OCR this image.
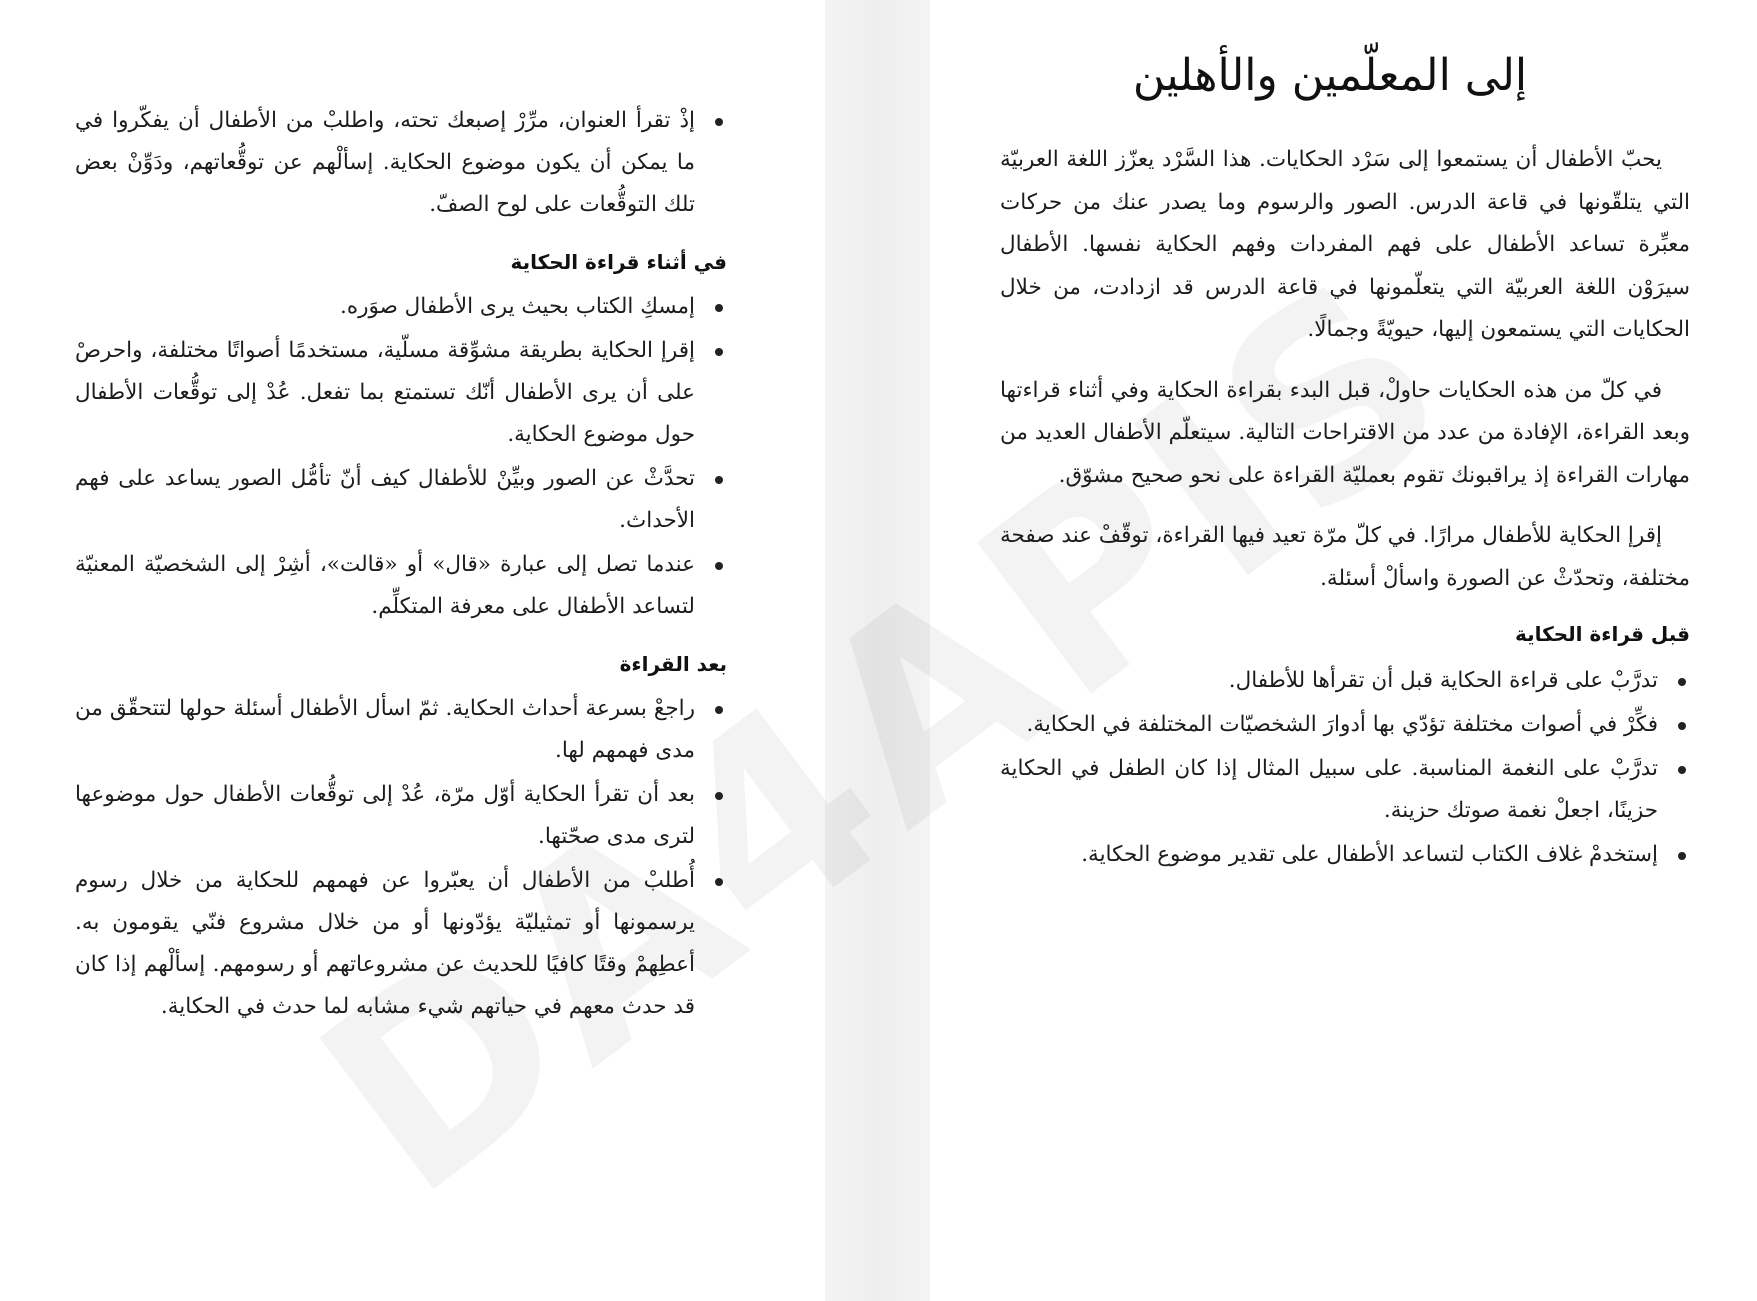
إلى المعلّمين والأهلين

يحبّ الأطفال أن يستمعوا إلى سَرْد الحكايات. هذا السَّرْد يعزّز اللغة العربيّة التي يتلقّونها في قاعة الدرس. الصور والرسوم وما يصدر عنك من حركات معبِّرة تساعد الأطفال على فهم المفردات وفهم الحكاية نفسها. الأطفال سيرَوْن اللغة العربيّة التي يتعلّمونها في قاعة الدرس قد ازدادت، من خلال الحكايات التي يستمعون إليها، حيويّةً وجمالًا.

في كلّ من هذه الحكايات حاولْ، قبل البدء بقراءة الحكاية وفي أثناء قراءتها وبعد القراءة، الإفادة من عدد من الاقتراحات التالية. سيتعلّم الأطفال العديد من مهارات القراءة إذ يراقبونك تقوم بعمليّة القراءة على نحو صحيح مشوّق.

إقرإ الحكاية للأطفال مرارًا. في كلّ مرّة تعيد فيها القراءة، توقّفْ عند صفحة مختلفة، وتحدّثْ عن الصورة واسألْ أسئلة.

قبل قراءة الحكاية
تدرَّبْ على قراءة الحكاية قبل أن تقرأها للأطفال.
فكِّرْ في أصوات مختلفة تؤدّي بها أدوارَ الشخصيّات المختلفة في الحكاية.
تدرَّبْ على النغمة المناسبة. على سبيل المثال إذا كان الطفل في الحكاية حزينًا، اجعلْ نغمة صوتك حزينة.
إستخدمْ غلاف الكتاب لتساعد الأطفال على تقدير موضوع الحكاية.
إذْ تقرأ العنوان، مرِّرْ إصبعك تحته، واطلبْ من الأطفال أن يفكّروا في ما يمكن أن يكون موضوع الحكاية. إسألْهم عن توقُّعاتهم، ودَوِّنْ بعض تلك التوقُّعات على لوح الصفّ.
في أثناء قراءة الحكاية
إمسكِ الكتاب بحيث يرى الأطفال صوَره.
إقرإ الحكاية بطريقة مشوِّقة مسلّية، مستخدمًا أصواتًا مختلفة، واحرصْ على أن يرى الأطفال أنّك تستمتع بما تفعل. عُدْ إلى توقُّعات الأطفال حول موضوع الحكاية.
تحدَّثْ عن الصور وبيِّنْ للأطفال كيف أنّ تأمُّل الصور يساعد على فهم الأحداث.
عندما تصل إلى عبارة «قال» أو «قالت»، أشِرْ إلى الشخصيّة المعنيّة لتساعد الأطفال على معرفة المتكلِّم.
بعد القراءة
راجعْ بسرعة أحداث الحكاية. ثمّ اسأل الأطفال أسئلة حولها لتتحقّق من مدى فهمهم لها.
بعد أن تقرأ الحكاية أوّل مرّة، عُدْ إلى توقُّعات الأطفال حول موضوعها لترى مدى صحّتها.
أُطلبْ من الأطفال أن يعبّروا عن فهمهم للحكاية من خلال رسوم يرسمونها أو تمثيليّة يؤدّونها أو من خلال مشروع فنّي يقومون به. أعطِهمْ وقتًا كافيًا للحديث عن مشروعاتهم أو رسومهم. إسألْهم إذا كان قد حدث معهم في حياتهم شيء مشابه لما حدث في الحكاية.
